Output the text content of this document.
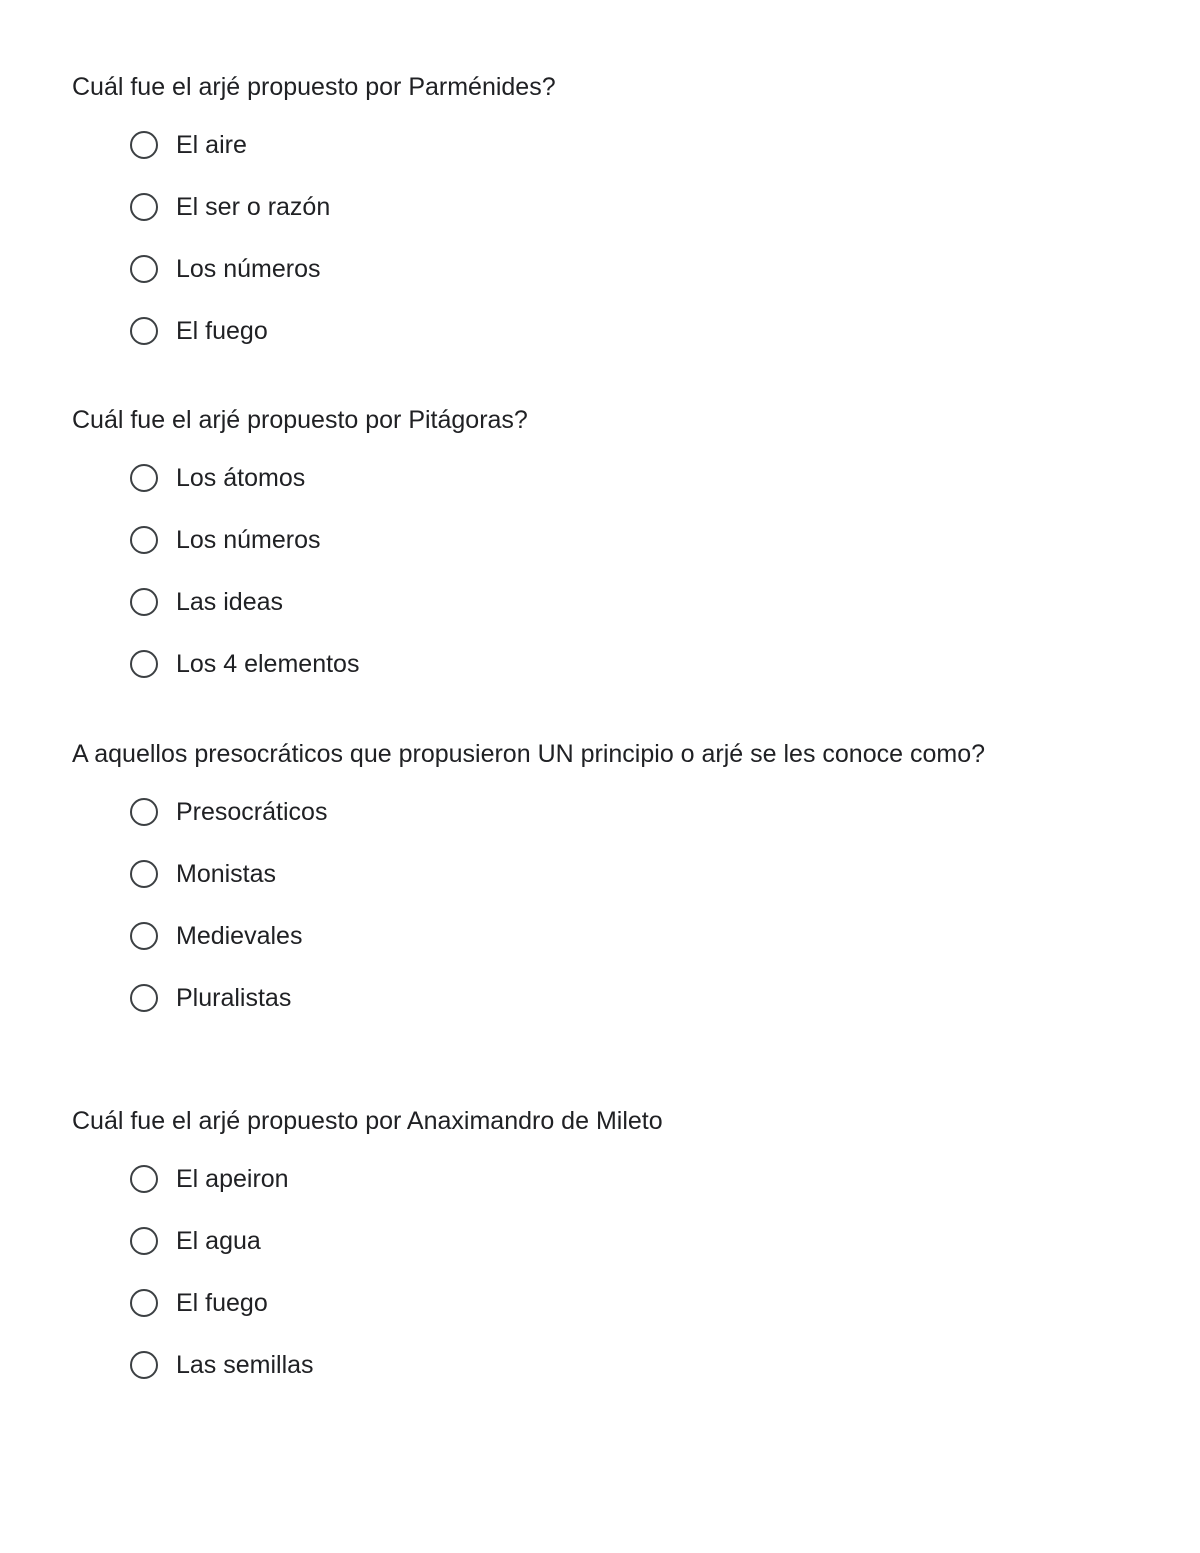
Cuál fue el arjé propuesto por Parménides?
El aire
El ser o razón
Los números
El fuego
Cuál fue el arjé propuesto por Pitágoras?
Los átomos
Los números
Las ideas
Los 4 elementos
A aquellos presocráticos que propusieron UN principio o arjé se les conoce como?
Presocráticos
Monistas
Medievales
Pluralistas
Cuál fue el arjé propuesto por Anaximandro de Mileto
El apeiron
El agua
El fuego
Las semillas
